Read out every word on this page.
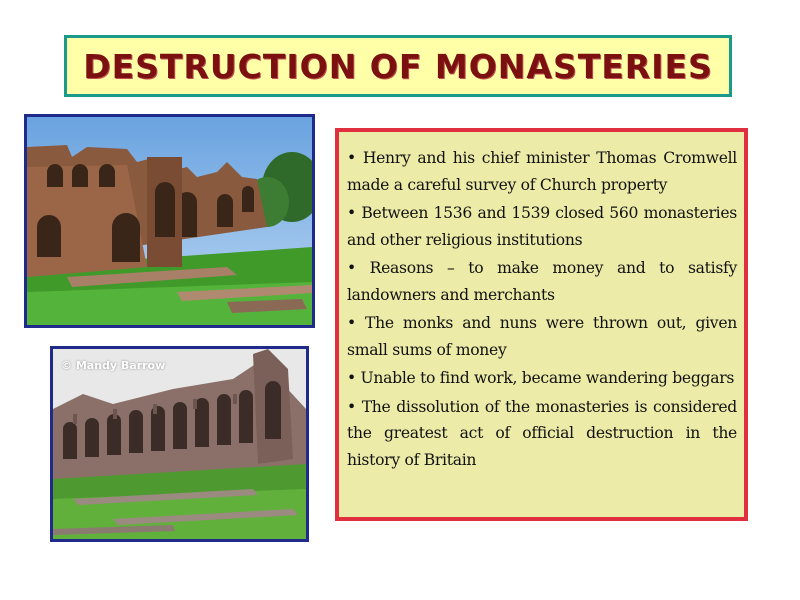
DESTRUCTION OF MONASTERIES
© Mandy Barrow

• Henry and his chief minister Thomas Cromwell made a careful survey of Church property

• Between 1536 and 1539 closed 560 monasteries and other religious institutions

• Reasons – to make money and to satisfy landowners and merchants

• The monks and nuns were thrown out, given small sums of money

• Unable to find work, became wandering beggars

• The dissolution of the monasteries is considered the greatest act of official destruction in the history of Britain
